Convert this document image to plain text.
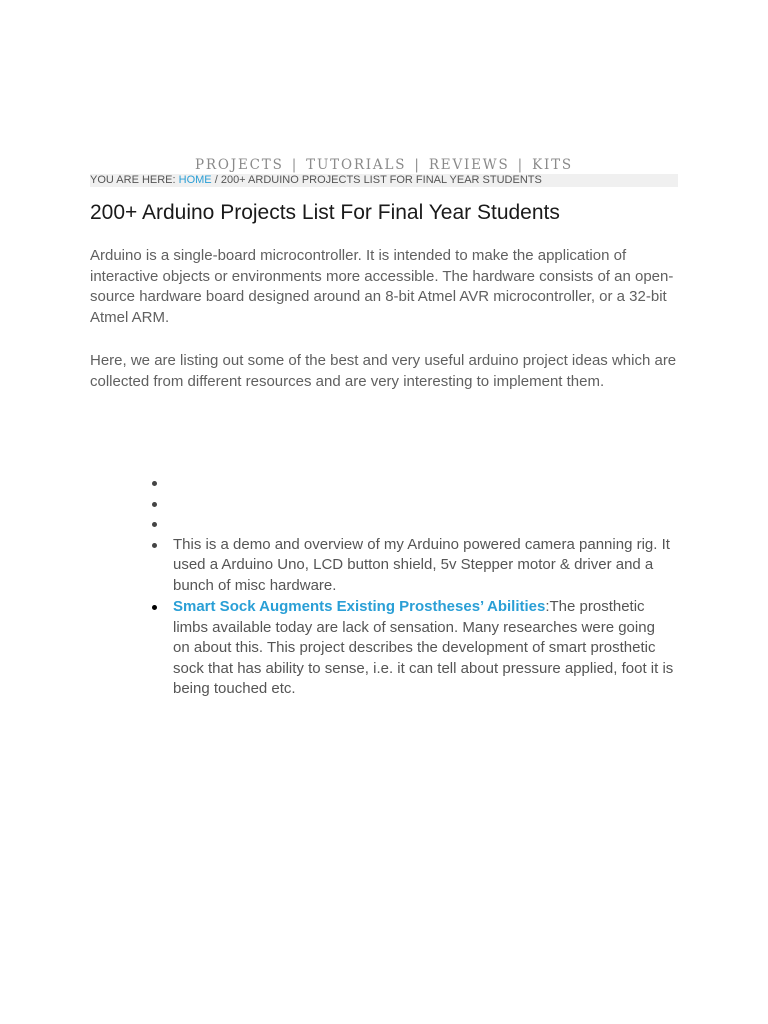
PROJECTS | TUTORIALS | REVIEWS | KITS
YOU ARE HERE: HOME / 200+ ARDUINO PROJECTS LIST FOR FINAL YEAR STUDENTS
200+ Arduino Projects List For Final Year Students

Arduino is a single-board microcontroller. It is intended to make the application of interactive objects or environments more accessible. The hardware consists of an open-source hardware board designed around an 8-bit Atmel AVR microcontroller, or a 32-bit Atmel ARM.

Here, we are listing out some of the best and very useful arduino project ideas which are collected from different resources and are very interesting to implement them.

This is a demo and overview of my Arduino powered camera panning rig. It used a Arduino Uno, LCD button shield, 5v Stepper motor & driver and a bunch of misc hardware.
Smart Sock Augments Existing Prostheses’ Abilities:The prosthetic limbs available today are lack of sensation. Many researches were going on about this. This project describes the development of smart prosthetic sock that has ability to sense, i.e. it can tell about pressure applied, foot it is being touched etc.
